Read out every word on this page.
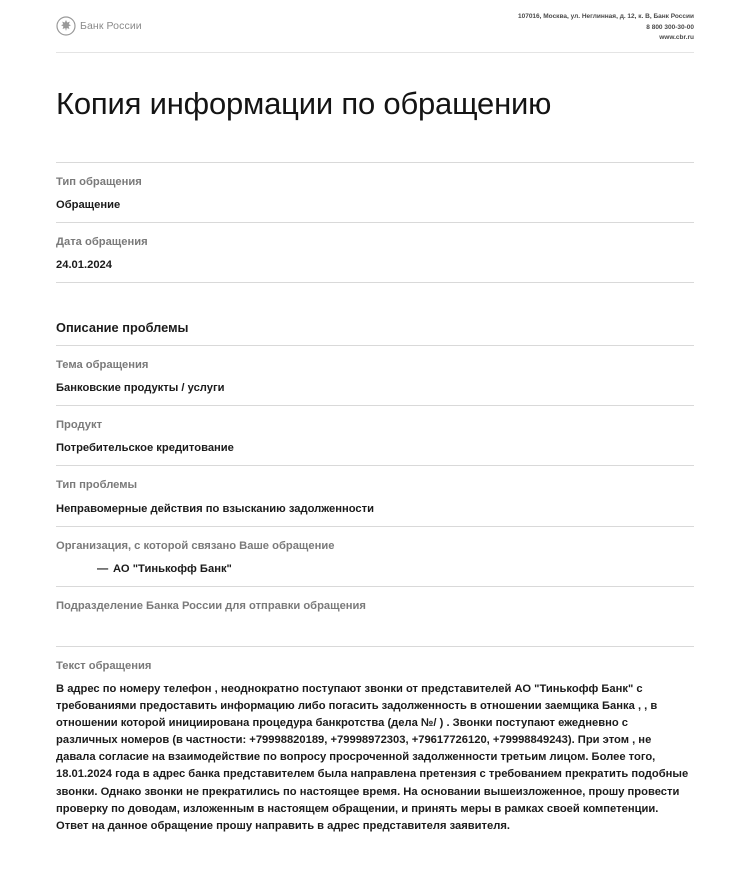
Банк России
107016, Москва, ул. Неглинная, д. 12, к. В, Банк России
8 800 300-30-00
www.cbr.ru
Копия информации по обращению
Тип обращения
Обращение
Дата обращения
24.01.2024
Описание проблемы
Тема обращения
Банковские продукты / услуги
Продукт
Потребительское кредитование
Тип проблемы
Неправомерные действия по взысканию задолженности
Организация, с которой связано Ваше обращение
— АО "Тинькофф Банк"
Подразделение Банка России для отправки обращения
Текст обращения

В адрес по номеру телефон , неоднократно поступают звонки от представителей АО "Тинькофф Банк" с требованиями предоставить информацию либо погасить задолженность в отношении заемщика Банка , , в отношении которой инициирована процедура банкротства (дела №/ ) . Звонки поступают ежедневно с различных номеров (в частности: +79998820189, +79998972303, +79617726120, +79998849243). При этом , не давала согласие на взаимодействие по вопросу просроченной задолженности третьим лицом. Более того, 18.01.2024 года в адрес банка представителем была направлена претензия с требованием прекратить подобные звонки. Однако звонки не прекратились по настоящее время. На основании вышеизложенное, прошу провести проверку по доводам, изложенным в настоящем обращении, и принять меры в рамках своей компетенции. Ответ на данное обращение прошу направить в адрес представителя заявителя.
